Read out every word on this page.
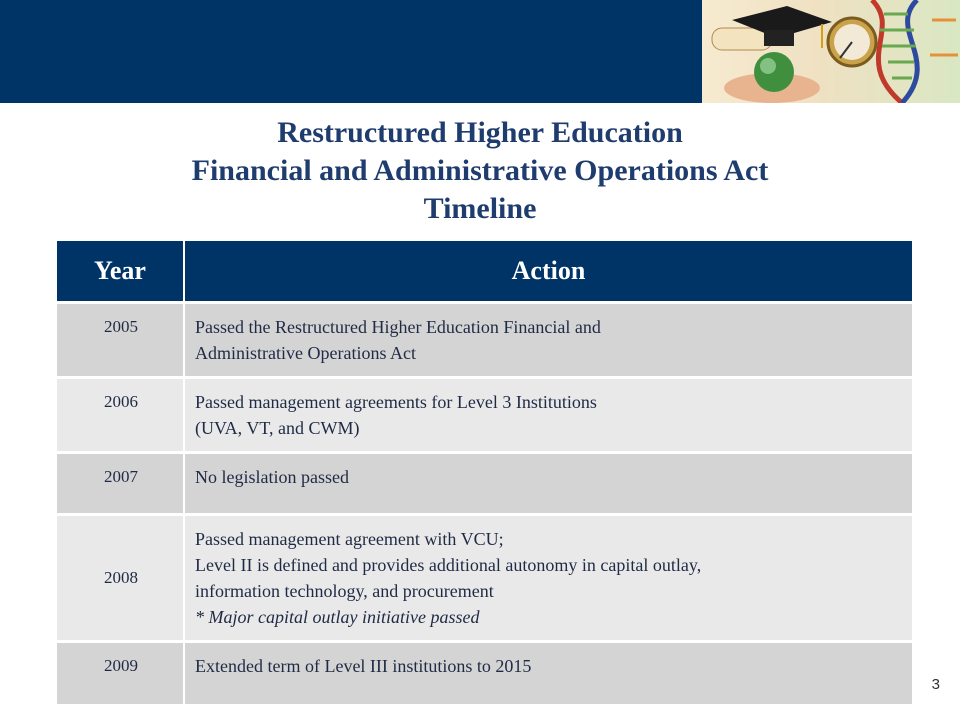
Restructured Higher Education
Financial and Administrative Operations Act
Timeline
Year	Action
2005	Passed the Restructured Higher Education Financial and
Administrative Operations Act

2006	Passed management agreements for Level 3 Institutions
(UVA, VT, and CWM)

2007	No legislation passed

2008	Passed management agreement with VCU;
Level II is defined and provides additional autonomy in capital outlay,
information technology, and procurement
* Major capital outlay initiative passed

2009	Extended term of Level III institutions to 2015
3
